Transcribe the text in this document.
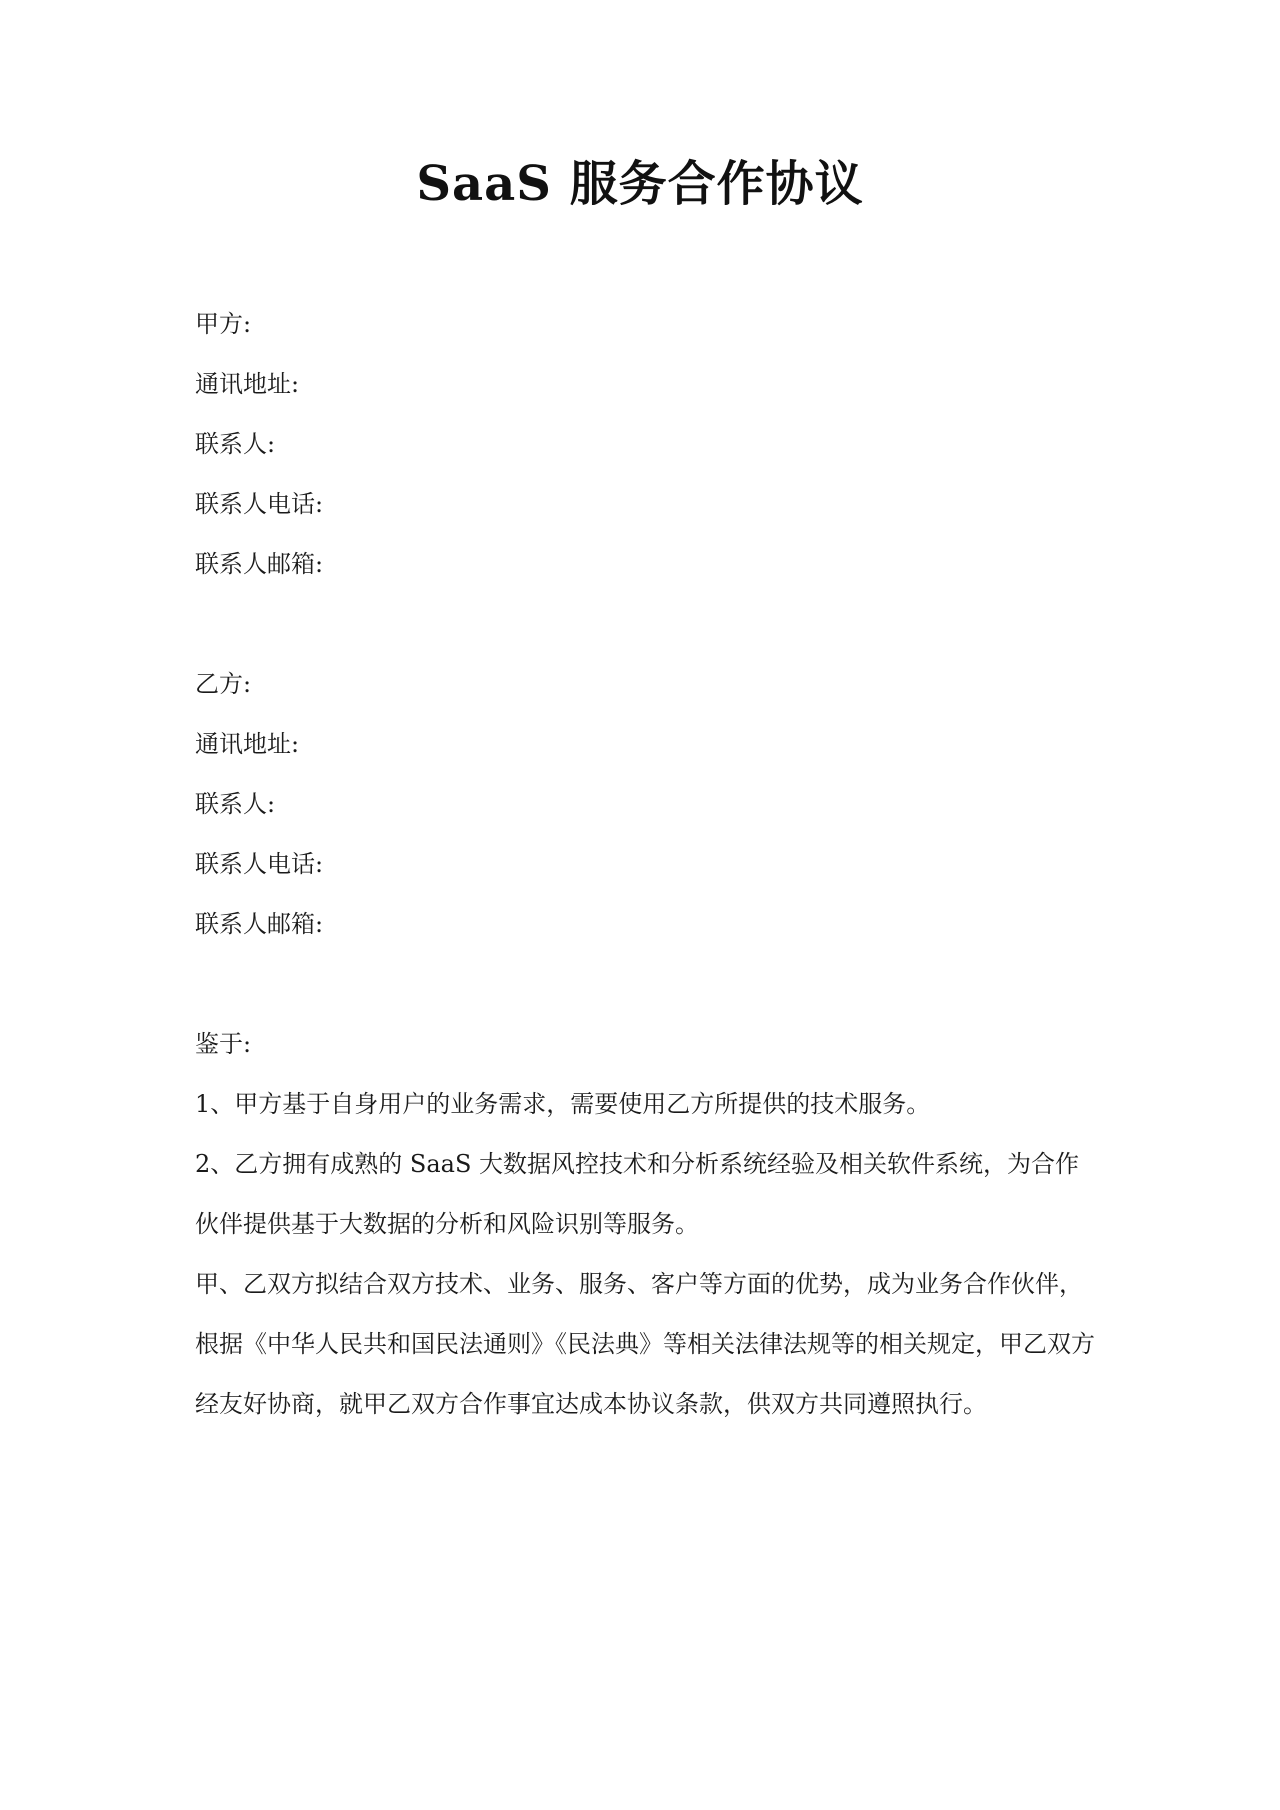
SaaS 服务合作协议
甲方:
通讯地址:
联系人:
联系人电话:
联系人邮箱:
乙方:
通讯地址:
联系人:
联系人电话:
联系人邮箱:
鉴于:
1、甲方基于自身用户的业务需求，需要使用乙方所提供的技术服务。
2、乙方拥有成熟的 SaaS 大数据风控技术和分析系统经验及相关软件系统，为合作伙伴提供基于大数据的分析和风险识别等服务。
甲、乙双方拟结合双方技术、业务、服务、客户等方面的优势，成为业务合作伙伴，根据《中华人民共和国民法通则》《民法典》等相关法律法规等的相关规定，甲乙双方经友好协商，就甲乙双方合作事宜达成本协议条款，供双方共同遵照执行。
